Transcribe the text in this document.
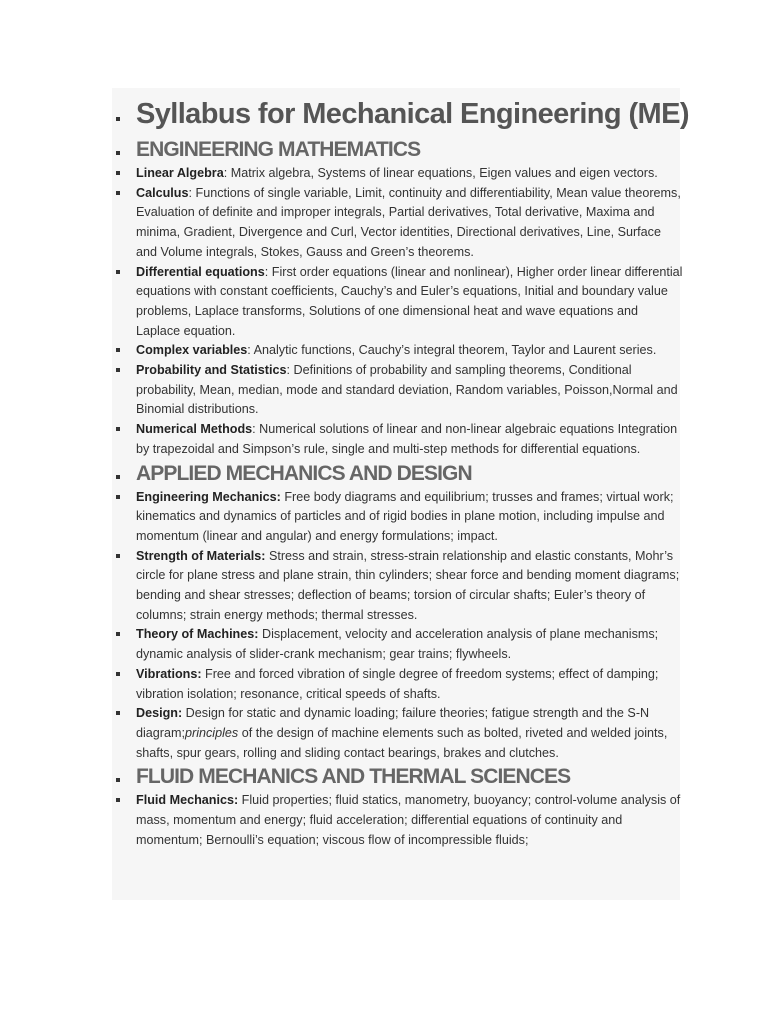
Syllabus for Mechanical Engineering (ME)
ENGINEERING MATHEMATICS
Linear Algebra: Matrix algebra, Systems of linear equations, Eigen values and eigen vectors.
Calculus: Functions of single variable, Limit, continuity and differentiability, Mean value theorems, Evaluation of definite and improper integrals, Partial derivatives, Total derivative, Maxima and minima, Gradient, Divergence and Curl, Vector identities, Directional derivatives, Line, Surface and Volume integrals, Stokes, Gauss and Green’s theorems.
Differential equations: First order equations (linear and nonlinear), Higher order linear differential equations with constant coefficients, Cauchy’s and Euler’s equations, Initial and boundary value problems, Laplace transforms, Solutions of one dimensional heat and wave equations and Laplace equation.
Complex variables: Analytic functions, Cauchy’s integral theorem, Taylor and Laurent series.
Probability and Statistics: Definitions of probability and sampling theorems, Conditional probability, Mean, median, mode and standard deviation, Random variables, Poisson,Normal and Binomial distributions.
Numerical Methods: Numerical solutions of linear and non-linear algebraic equations Integration by trapezoidal and Simpson’s rule, single and multi-step methods for differential equations.
APPLIED MECHANICS AND DESIGN
Engineering Mechanics: Free body diagrams and equilibrium; trusses and frames; virtual work; kinematics and dynamics of particles and of rigid bodies in plane motion, including impulse and momentum (linear and angular) and energy formulations; impact.
Strength of Materials: Stress and strain, stress-strain relationship and elastic constants, Mohr’s circle for plane stress and plane strain, thin cylinders; shear force and bending moment diagrams; bending and shear stresses; deflection of beams; torsion of circular shafts; Euler’s theory of columns; strain energy methods; thermal stresses.
Theory of Machines: Displacement, velocity and acceleration analysis of plane mechanisms; dynamic analysis of slider-crank mechanism; gear trains; flywheels.
Vibrations: Free and forced vibration of single degree of freedom systems; effect of damping; vibration isolation; resonance, critical speeds of shafts.
Design: Design for static and dynamic loading; failure theories; fatigue strength and the S-N diagram;principles of the design of machine elements such as bolted, riveted and welded joints, shafts, spur gears, rolling and sliding contact bearings, brakes and clutches.
FLUID MECHANICS AND THERMAL SCIENCES
Fluid Mechanics: Fluid properties; fluid statics, manometry, buoyancy; control-volume analysis of mass, momentum and energy; fluid acceleration; differential equations of continuity and momentum; Bernoulli’s equation; viscous flow of incompressible fluids;
